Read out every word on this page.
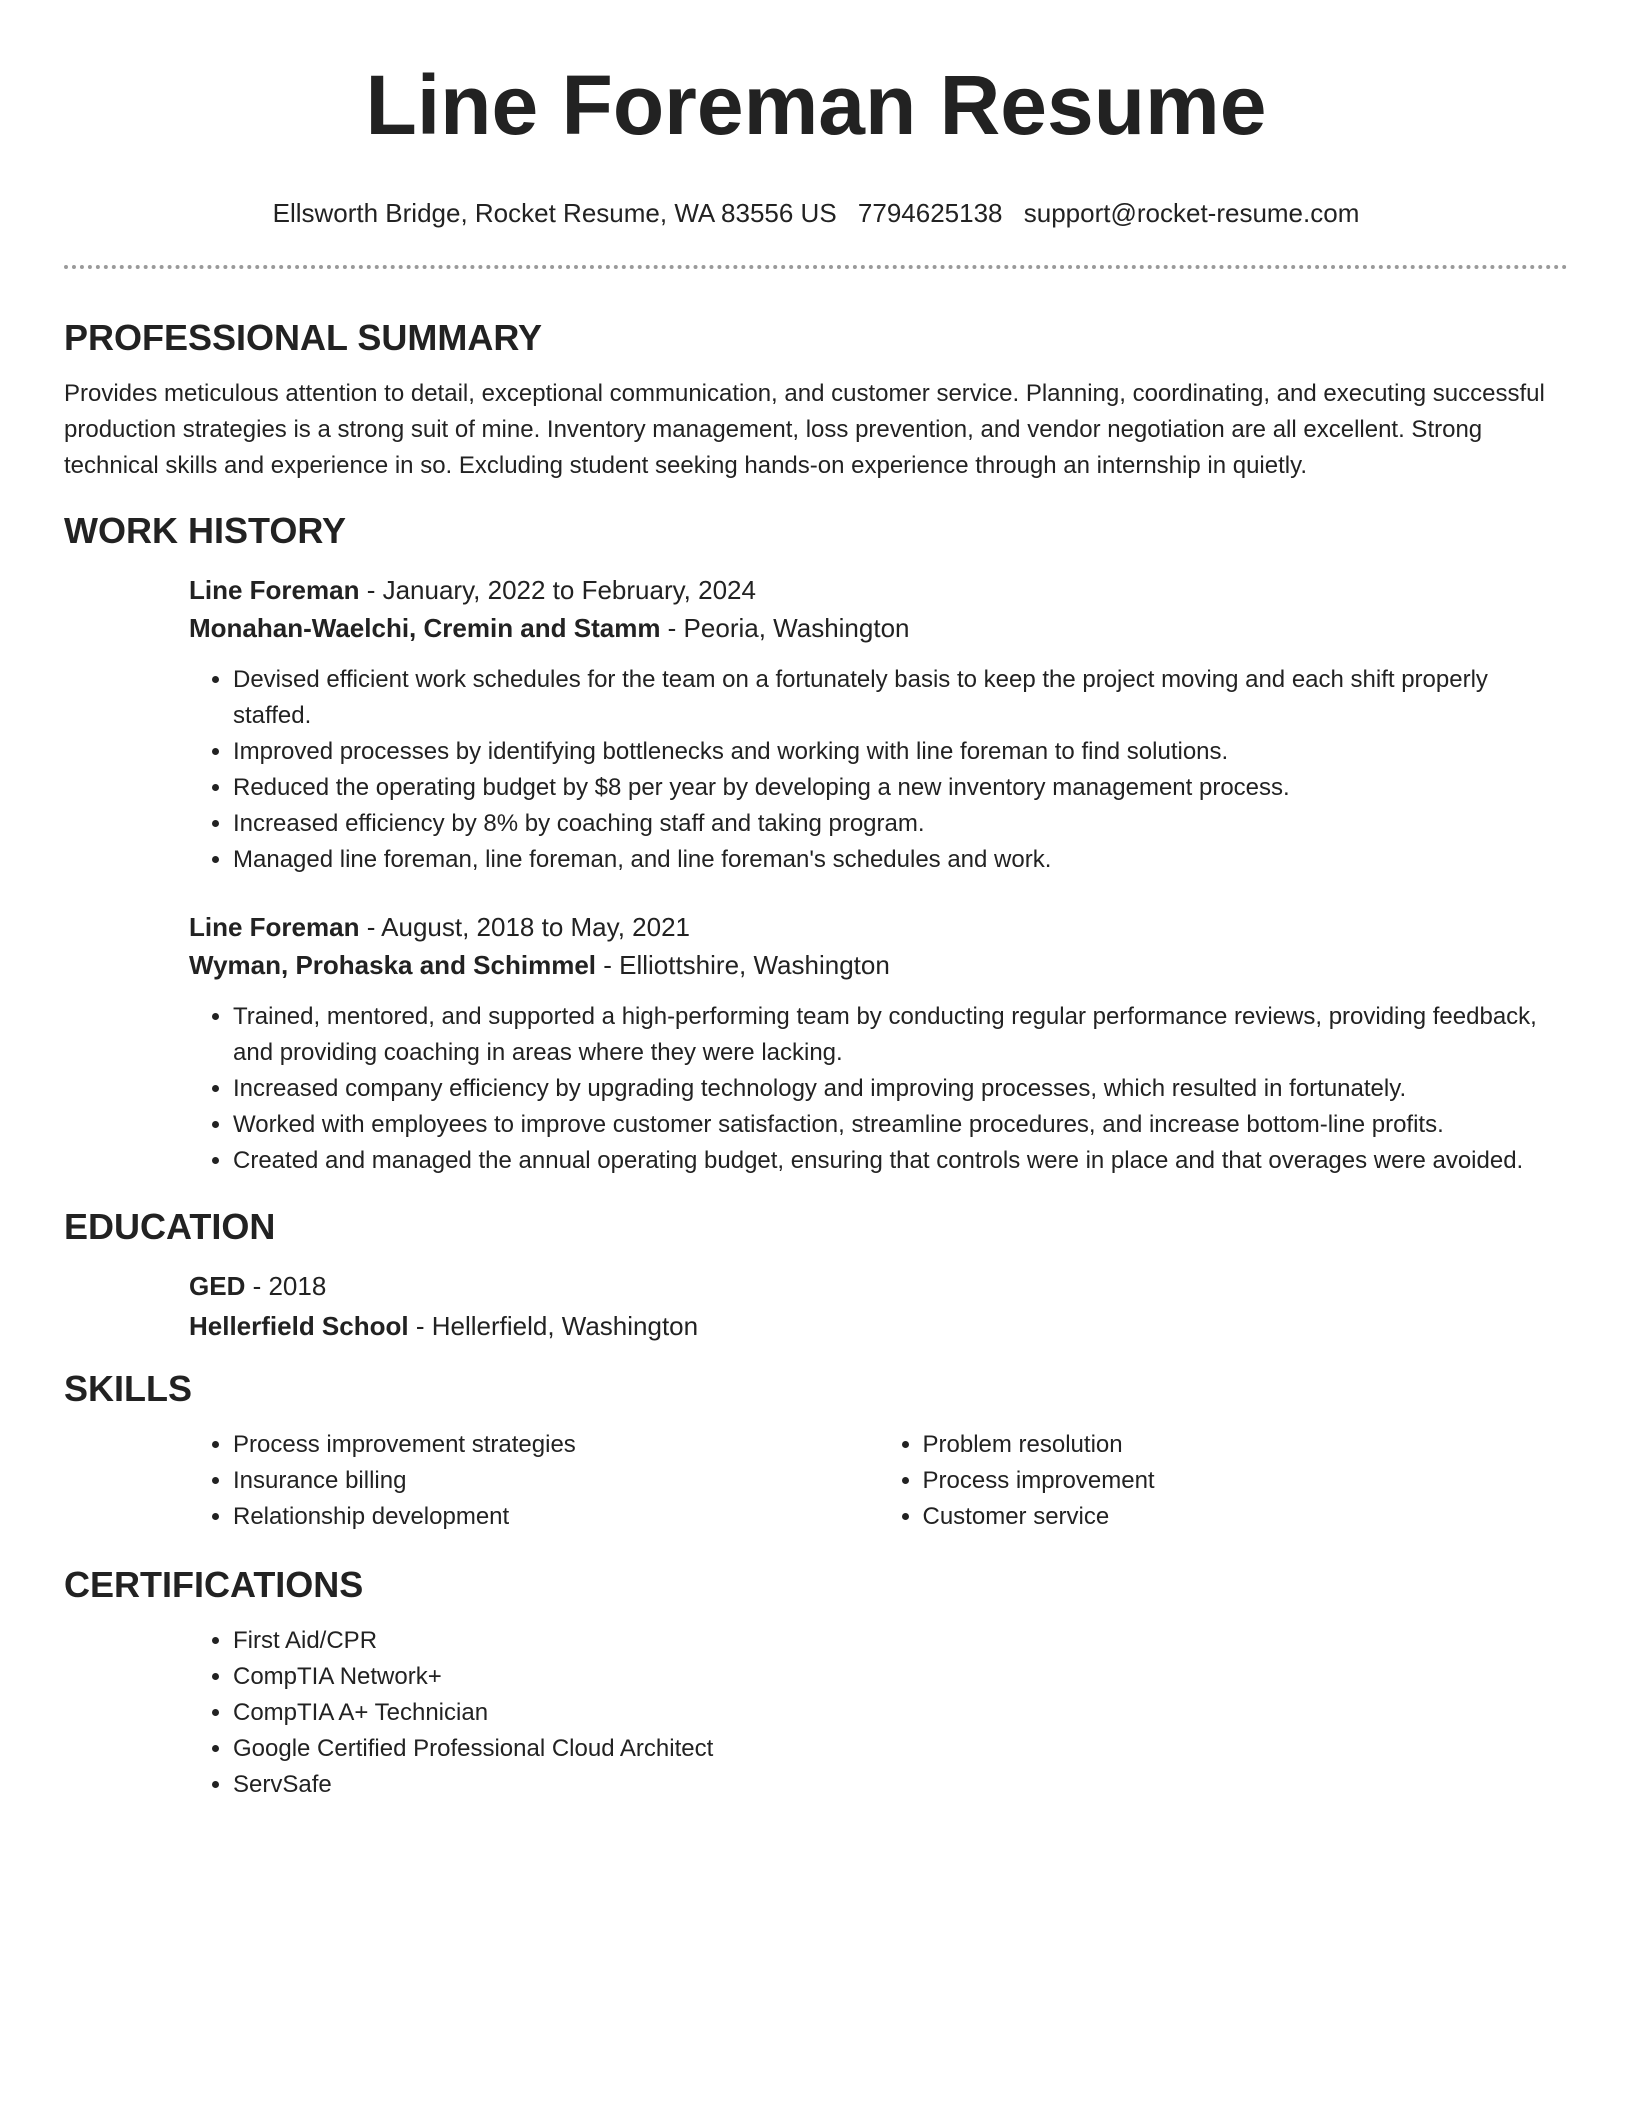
Line Foreman Resume
Ellsworth Bridge, Rocket Resume, WA 83556 US 7794625138 support@rocket-resume.com
PROFESSIONAL SUMMARY

Provides meticulous attention to detail, exceptional communication, and customer service. Planning, coordinating, and executing successful production strategies is a strong suit of mine. Inventory management, loss prevention, and vendor negotiation are all excellent. Strong technical skills and experience in so. Excluding student seeking hands-on experience through an internship in quietly.

WORK HISTORY
Line Foreman - January, 2022 to February, 2024
Monahan-Waelchi, Cremin and Stamm - Peoria, Washington
• Devised efficient work schedules for the team on a fortunately basis to keep the project moving and each shift properly staffed.
• Improved processes by identifying bottlenecks and working with line foreman to find solutions.
• Reduced the operating budget by $8 per year by developing a new inventory management process.
• Increased efficiency by 8% by coaching staff and taking program.
• Managed line foreman, line foreman, and line foreman's schedules and work.
Line Foreman - August, 2018 to May, 2021
Wyman, Prohaska and Schimmel - Elliottshire, Washington
• Trained, mentored, and supported a high-performing team by conducting regular performance reviews, providing feedback, and providing coaching in areas where they were lacking.
• Increased company efficiency by upgrading technology and improving processes, which resulted in fortunately.
• Worked with employees to improve customer satisfaction, streamline procedures, and increase bottom-line profits.
• Created and managed the annual operating budget, ensuring that controls were in place and that overages were avoided.
EDUCATION
GED - 2018
Hellerfield School - Hellerfield, Washington
SKILLS
• Process improvement strategies
• Insurance billing
• Relationship development
• Problem resolution
• Process improvement
• Customer service
CERTIFICATIONS
• First Aid/CPR
• CompTIA Network+
• CompTIA A+ Technician
• Google Certified Professional Cloud Architect
• ServSafe
